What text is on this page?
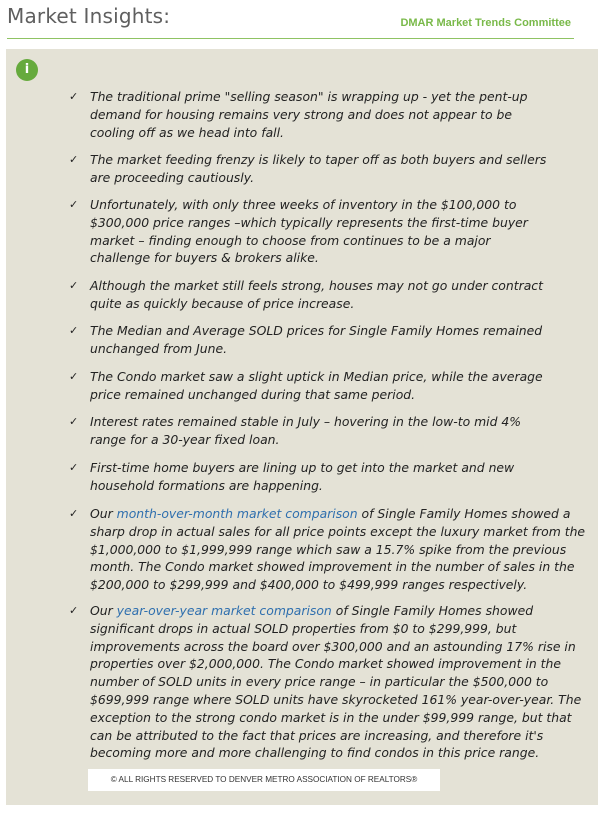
Market Insights:	DMAR Market Trends Committee
i
✓ The traditional prime "selling season" is wrapping up - yet the pent-up demand for housing remains very strong and does not appear to be cooling off as we head into fall.
✓ The market feeding frenzy is likely to taper off as both buyers and sellers are proceeding cautiously.
✓ Unfortunately, with only three weeks of inventory in the $100,000 to $300,000 price ranges –which typically represents the first-time buyer market – finding enough to choose from continues to be a major challenge for buyers & brokers alike.
✓ Although the market still feels strong, houses may not go under contract quite as quickly because of price increase.
✓ The Median and Average SOLD prices for Single Family Homes remained unchanged from June.
✓ The Condo market saw a slight uptick in Median price, while the average price remained unchanged during that same period.
✓ Interest rates remained stable in July – hovering in the low-to mid 4% range for a 30-year fixed loan.
✓ First-time home buyers are lining up to get into the market and new household formations are happening.
✓ Our month-over-month market comparison of Single Family Homes showed a sharp drop in actual sales for all price points except the luxury market from the $1,000,000 to $1,999,999 range which saw a 15.7% spike from the previous month. The Condo market showed improvement in the number of sales in the $200,000 to $299,999 and $400,000 to $499,999 ranges respectively.
✓ Our year-over-year market comparison of Single Family Homes showed significant drops in actual SOLD properties from $0 to $299,999, but improvements across the board over $300,000 and an astounding 17% rise in properties over $2,000,000. The Condo market showed improvement in the number of SOLD units in every price range – in particular the $500,000 to $699,999 range where SOLD units have skyrocketed 161% year-over-year. The exception to the strong condo market is in the under $99,999 range, but that can be attributed to the fact that prices are increasing, and therefore it's becoming more and more challenging to find condos in this price range.
© ALL RIGHTS RESERVED TO DENVER METRO ASSOCIATION OF REALTORS®
